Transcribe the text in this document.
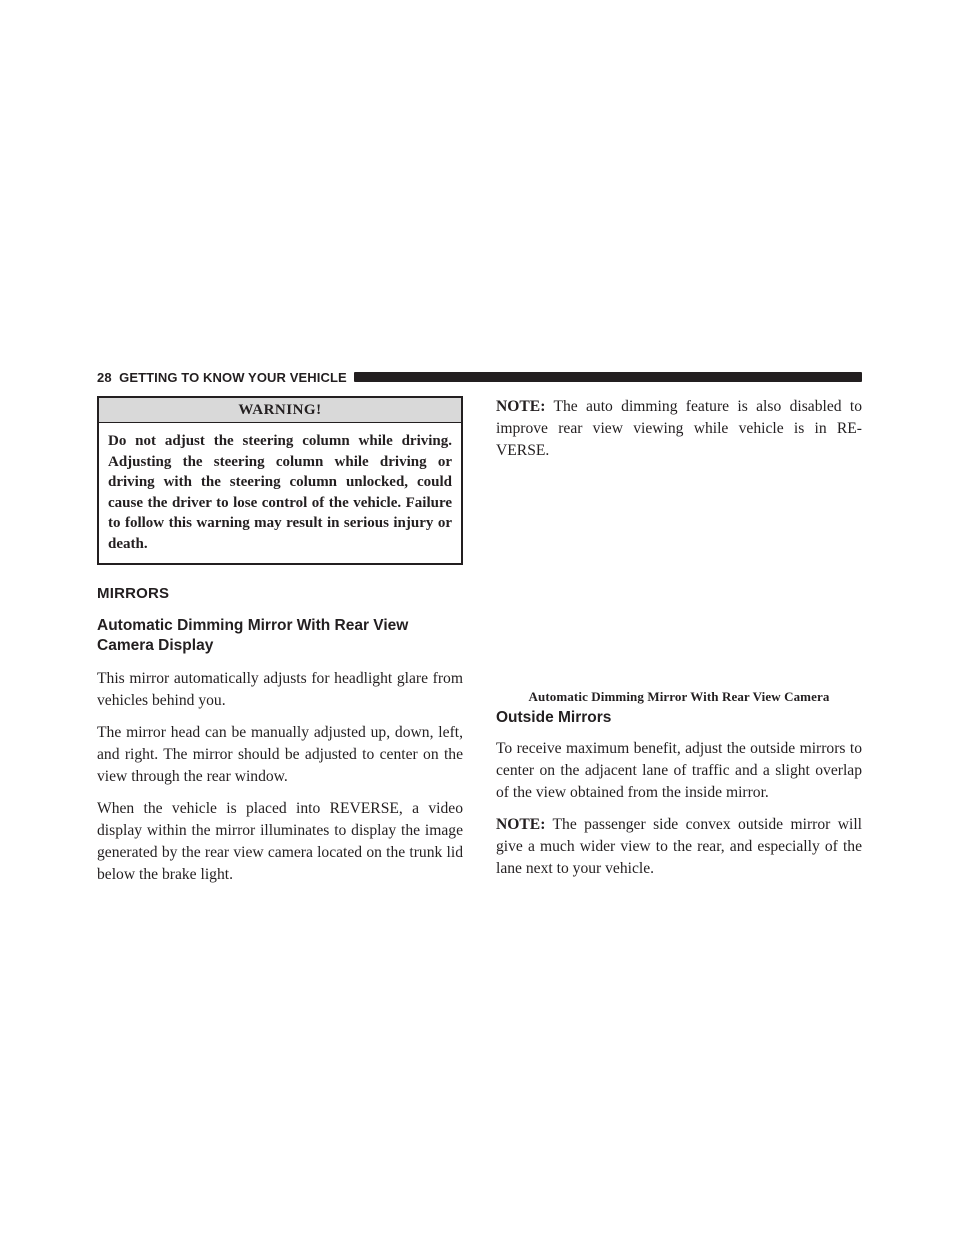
28 GETTING TO KNOW YOUR VEHICLE
WARNING!
Do not adjust the steering column while driving. Adjusting the steering column while driving or driving with the steering column unlocked, could cause the driver to lose control of the vehicle. Failure to follow this warning may result in serious injury or death.
MIRRORS
Automatic Dimming Mirror With Rear View Camera Display

This mirror automatically adjusts for headlight glare from vehicles behind you.

The mirror head can be manually adjusted up, down, left, and right. The mirror should be adjusted to center on the view through the rear window.

When the vehicle is placed into REVERSE, a video display within the mirror illuminates to display the image generated by the rear view camera located on the trunk lid below the brake light.

NOTE: The auto dimming feature is also disabled to improve rear view viewing while vehicle is in RE-VERSE.

Automatic Dimming Mirror With Rear View Camera
Outside Mirrors

To receive maximum benefit, adjust the outside mirrors to center on the adjacent lane of traffic and a slight overlap of the view obtained from the inside mirror.

NOTE: The passenger side convex outside mirror will give a much wider view to the rear, and especially of the lane next to your vehicle.
